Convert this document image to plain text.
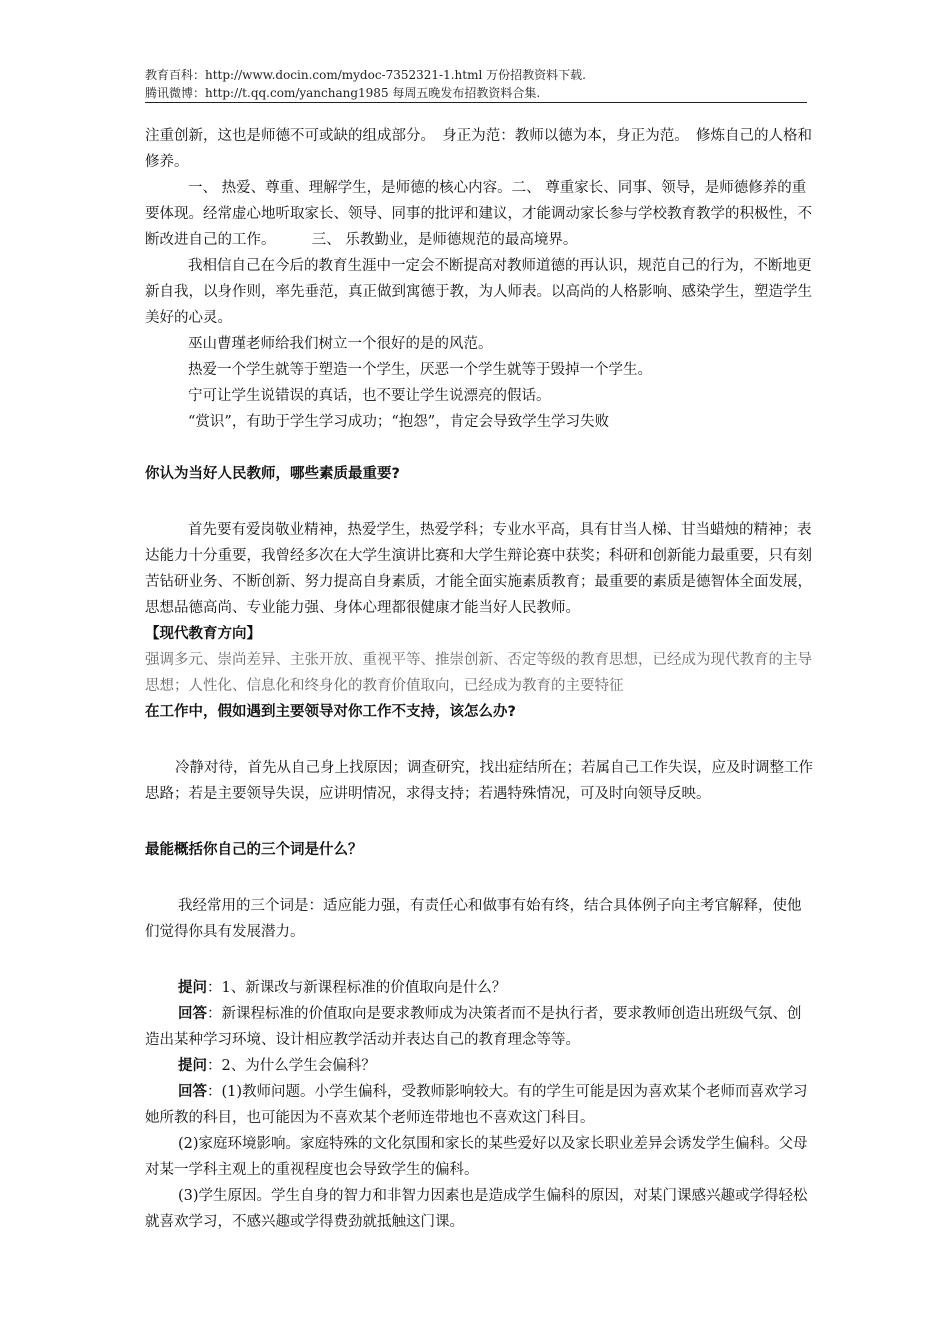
教育百科：http://www.docin.com/mydoc-7352321-1.html 万份招教资料下载.
腾讯微博：http://t.qq.com/yanchang1985 每周五晚发布招教资料合集.

注重创新，这也是师德不可或缺的组成部分。　身正为范：教师以德为本，身正为范。　修炼自己的人格和修养。

一、 热爱、尊重、理解学生，是师德的核心内容。二、 尊重家长、同事、领导，是师德修养的重要体现。经常虚心地听取家长、领导、同事的批评和建议，才能调动家长参与学校教育教学的积极性，不断改进自己的工作。　　　三、 乐教勤业，是师德规范的最高境界。

我相信自己在今后的教育生涯中一定会不断提高对教师道德的再认识，规范自己的行为，不断地更新自我，以身作则，率先垂范，真正做到寓德于教，为人师表。以高尚的人格影响、感染学生，塑造学生美好的心灵。

巫山曹瑾老师给我们树立一个很好的是的风范。

热爱一个学生就等于塑造一个学生，厌恶一个学生就等于毁掉一个学生。

宁可让学生说错误的真话，也不要让学生说漂亮的假话。

“赏识”，有助于学生学习成功；“抱怨”，肯定会导致学生学习失败

你认为当好人民教师，哪些素质最重要?

首先要有爱岗敬业精神，热爱学生，热爱学科；专业水平高，具有甘当人梯、甘当蜡烛的精神；表达能力十分重要，我曾经多次在大学生演讲比赛和大学生辩论赛中获奖；科研和创新能力最重要，只有刻苦钻研业务、不断创新、努力提高自身素质，才能全面实施素质教育；最重要的素质是德智体全面发展，思想品德高尚、专业能力强、身体心理都很健康才能当好人民教师。

【现代教育方向】

强调多元、崇尚差异、主张开放、重视平等、推崇创新、否定等级的教育思想，已经成为现代教育的主导思想；人性化、信息化和终身化的教育价值取向，已经成为教育的主要特征

在工作中，假如遇到主要领导对你工作不支持，该怎么办?

冷静对待，首先从自己身上找原因；调查研究，找出症结所在；若属自己工作失误，应及时调整工作思路；若是主要领导失误，应讲明情况，求得支持；若遇特殊情况，可及时向领导反映。

最能概括你自己的三个词是什么？

我经常用的三个词是：适应能力强，有责任心和做事有始有终，结合具体例子向主考官解释，使他们觉得你具有发展潜力。

提问：1、新课改与新课程标准的价值取向是什么？

回答：新课程标准的价值取向是要求教师成为决策者而不是执行者，要求教师创造出班级气氛、创造出某种学习环境、设计相应教学活动并表达自己的教育理念等等。

提问：2、为什么学生会偏科？

回答：(1)教师问题。小学生偏科，受教师影响较大。有的学生可能是因为喜欢某个老师而喜欢学习她所教的科目，也可能因为不喜欢某个老师连带地也不喜欢这门科目。

(2)家庭环境影响。家庭特殊的文化氛围和家长的某些爱好以及家长职业差异会诱发学生偏科。父母对某一学科主观上的重视程度也会导致学生的偏科。

(3)学生原因。学生自身的智力和非智力因素也是造成学生偏科的原因，对某门课感兴趣或学得轻松就喜欢学习，不感兴趣或学得费劲就抵触这门课。
